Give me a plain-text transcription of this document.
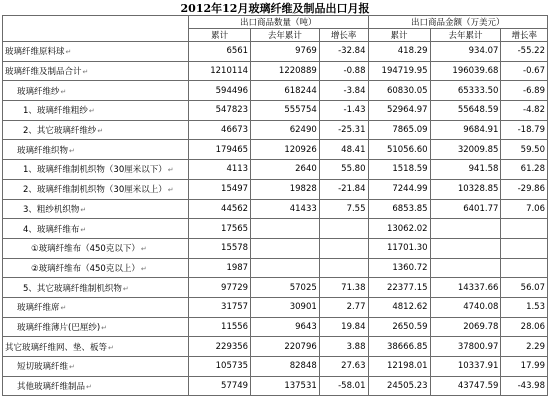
2012年12月玻璃纤维及制品出口月报
	出口商品数量（吨）			出口商品金额（万美元）		
	累计	去年累计	增长率	累计	去年累计	增长率
玻璃纤维原料球↵	6561	9769	-32.84	418.29	934.07	-55.22
玻璃纤维及制品合计↵	1210114	1220889	-0.88	194719.95	196039.68	-0.67
玻璃纤维纱↵	594496	618244	-3.84	60830.05	65333.50	-6.89
1、玻璃纤维粗纱↵	547823	555754	-1.43	52964.97	55648.59	-4.82
2、其它玻璃纤维纱↵	46673	62490	-25.31	7865.09	9684.91	-18.79
玻璃纤维织物↵	179465	120926	48.41	51056.60	32009.85	59.50
1、玻璃纤维制机织物（30厘米以下）↵	4113	2640	55.80	1518.59	941.58	61.28
2、玻璃纤维制机织物（30厘米以上）↵	15497	19828	-21.84	7244.99	10328.85	-29.86
3、粗纱机织物↵	44562	41433	7.55	6853.85	6401.77	7.06
4、玻璃纤维布↵	17565			13062.02		
①玻璃纤维布（450克以下）↵	15578			11701.30		
②玻璃纤维布（450克以上）↵	1987			1360.72		
5、其它玻璃纤维制机织物↵	97729	57025	71.38	22377.15	14337.66	56.07
玻璃纤维席↵	31757	30901	2.77	4812.62	4740.08	1.53
玻璃纤维薄片(巴厘纱)↵	11556	9643	19.84	2650.59	2069.78	28.06
其它玻璃纤维网、垫、板等↵	229356	220796	3.88	38666.85	37800.97	2.29
短切玻璃纤维↵	105735	82848	27.63	12198.01	10337.91	17.99
其他玻璃纤维制品↵	57749	137531	-58.01	24505.23	43747.59	-43.98
